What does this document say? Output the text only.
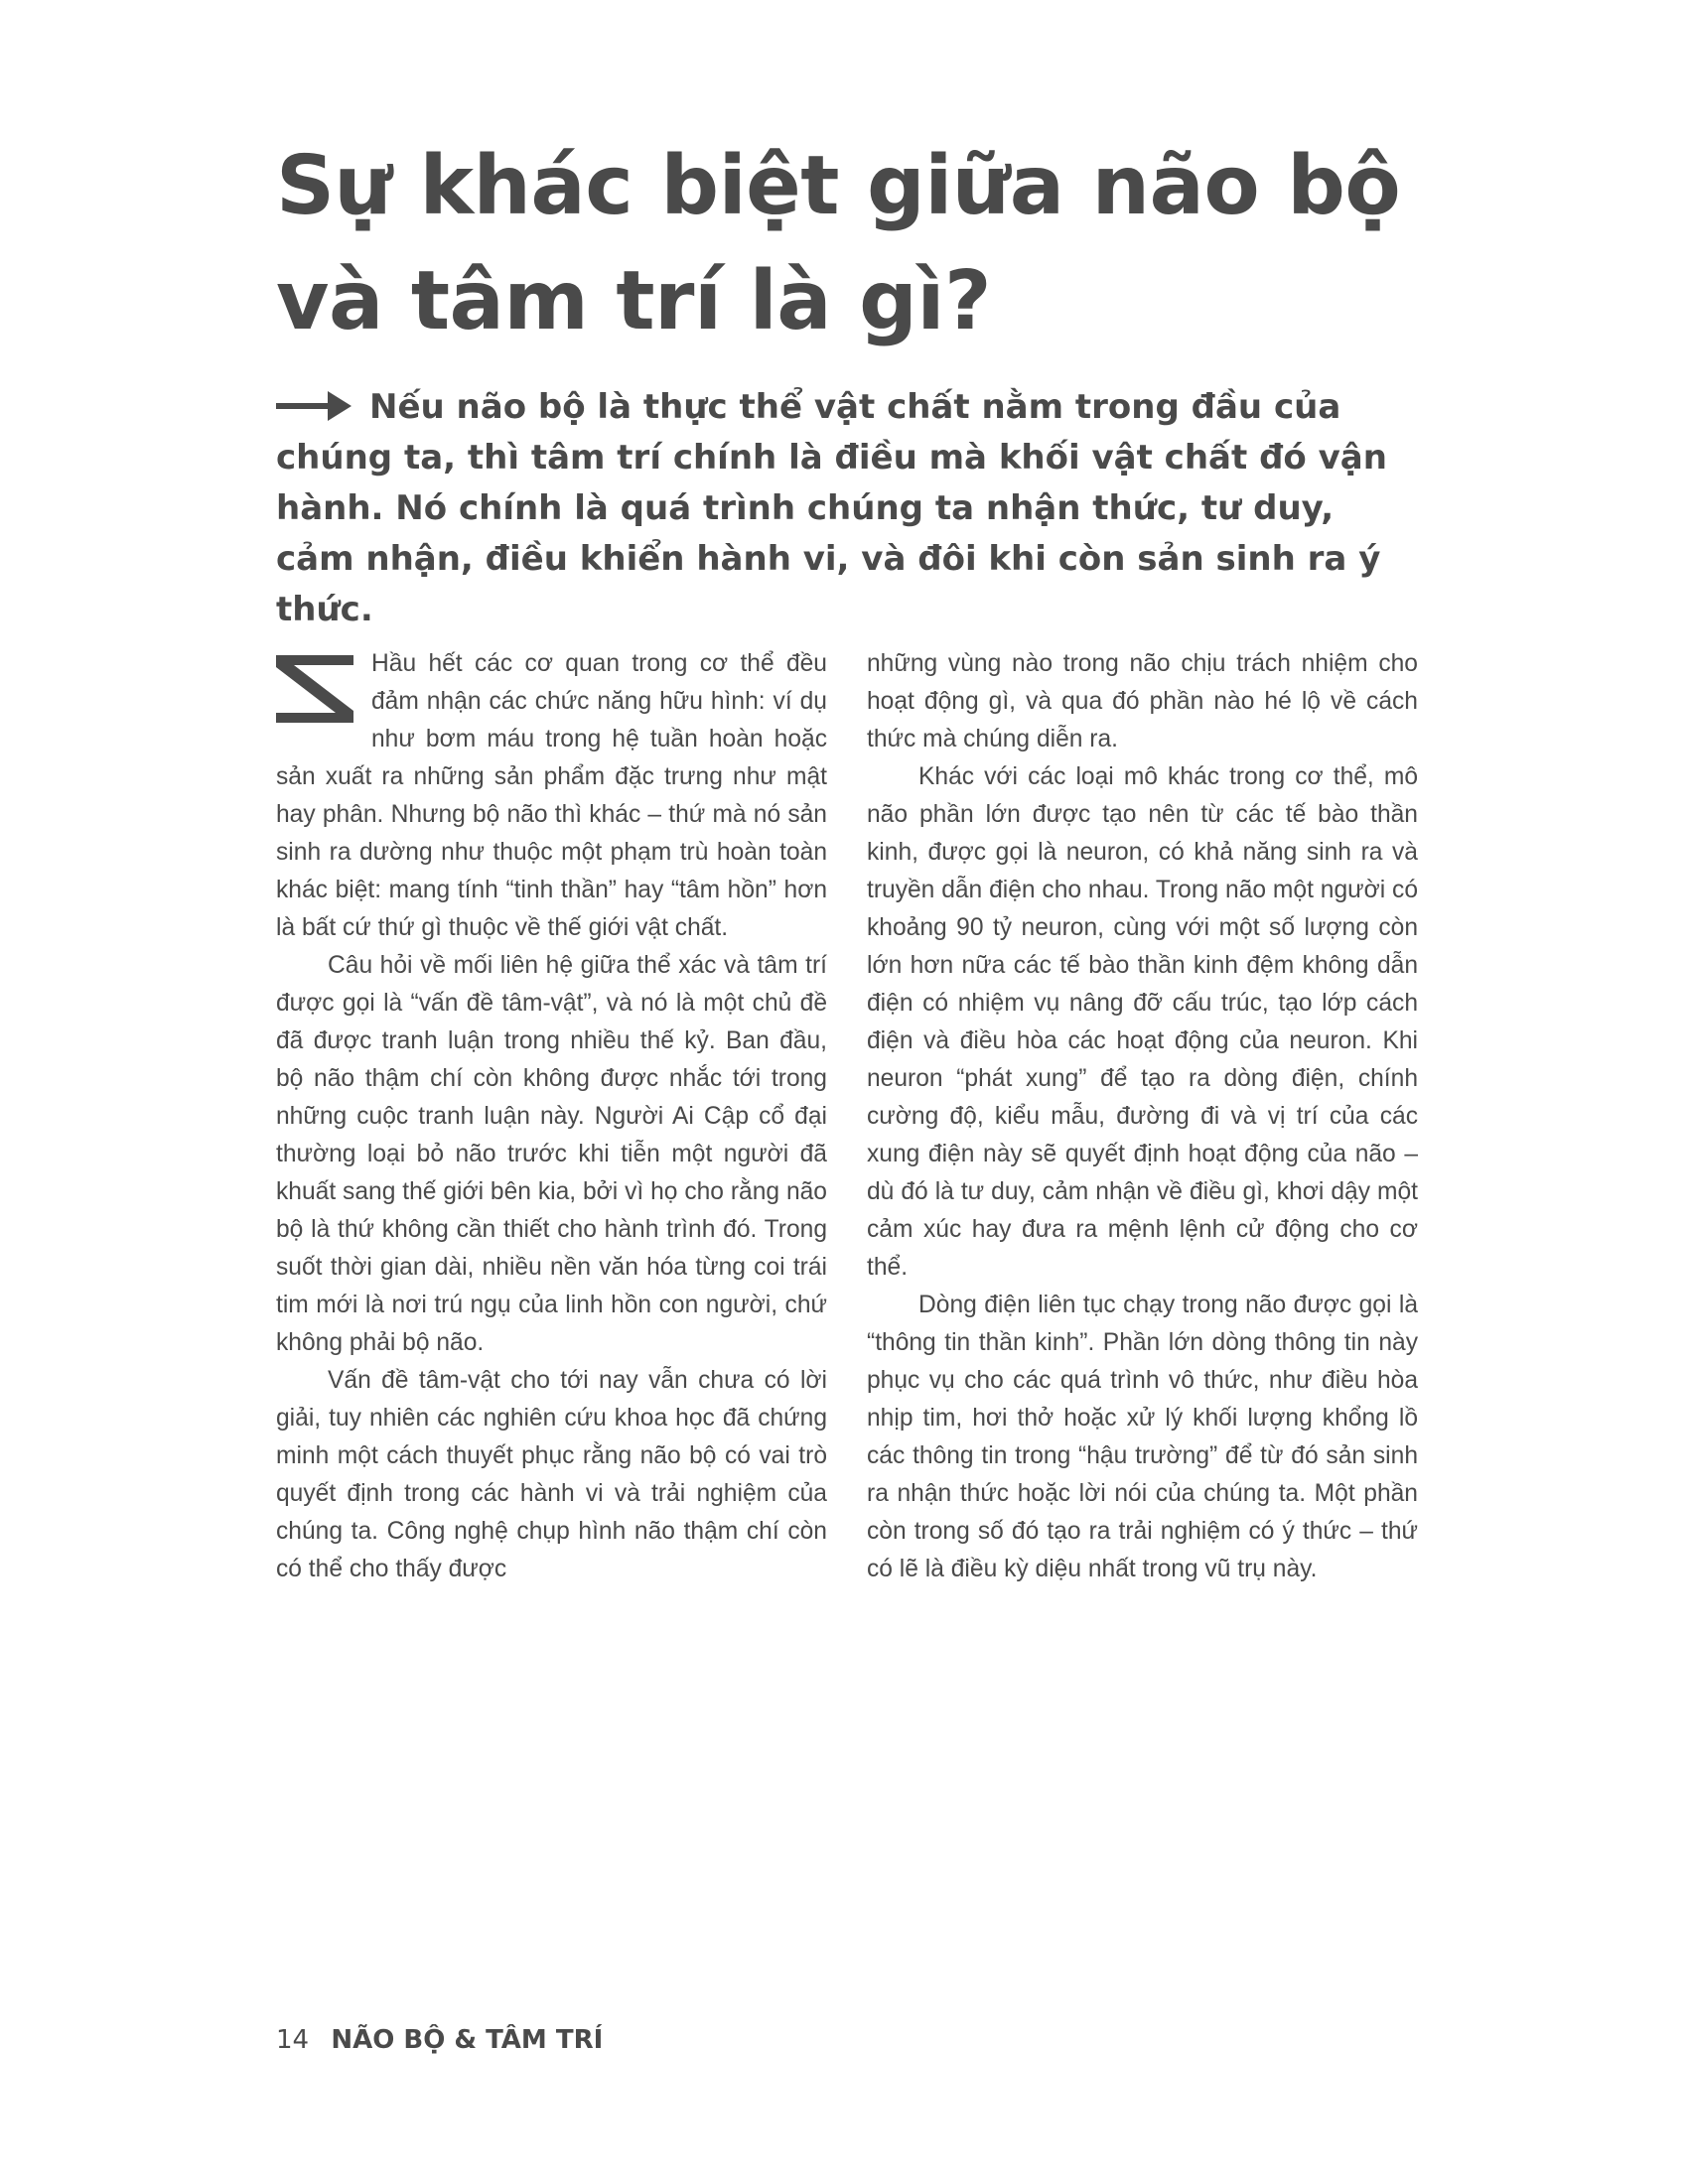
Sự khác biệt giữa não bộ và tâm trí là gì?
Nếu não bộ là thực thể vật chất nằm trong đầu của chúng ta, thì tâm trí chính là điều mà khối vật chất đó vận hành. Nó chính là quá trình chúng ta nhận thức, tư duy, cảm nhận, điều khiển hành vi, và đôi khi còn sản sinh ra ý thức.

Hầu hết các cơ quan trong cơ thể đều đảm nhận các chức năng hữu hình: ví dụ như bơm máu trong hệ tuần hoàn hoặc sản xuất ra những sản phẩm đặc trưng như mật hay phân. Nhưng bộ não thì khác – thứ mà nó sản sinh ra dường như thuộc một phạm trù hoàn toàn khác biệt: mang tính “tinh thần” hay “tâm hồn” hơn là bất cứ thứ gì thuộc về thế giới vật chất.

Câu hỏi về mối liên hệ giữa thể xác và tâm trí được gọi là “vấn đề tâm-vật”, và nó là một chủ đề đã được tranh luận trong nhiều thế kỷ. Ban đầu, bộ não thậm chí còn không được nhắc tới trong những cuộc tranh luận này. Người Ai Cập cổ đại thường loại bỏ não trước khi tiễn một người đã khuất sang thế giới bên kia, bởi vì họ cho rằng não bộ là thứ không cần thiết cho hành trình đó. Trong suốt thời gian dài, nhiều nền văn hóa từng coi trái tim mới là nơi trú ngụ của linh hồn con người, chứ không phải bộ não.

Vấn đề tâm-vật cho tới nay vẫn chưa có lời giải, tuy nhiên các nghiên cứu khoa học đã chứng minh một cách thuyết phục rằng não bộ có vai trò quyết định trong các hành vi và trải nghiệm của chúng ta. Công nghệ chụp hình não thậm chí còn có thể cho thấy được

những vùng nào trong não chịu trách nhiệm cho hoạt động gì, và qua đó phần nào hé lộ về cách thức mà chúng diễn ra.

Khác với các loại mô khác trong cơ thể, mô não phần lớn được tạo nên từ các tế bào thần kinh, được gọi là neuron, có khả năng sinh ra và truyền dẫn điện cho nhau. Trong não một người có khoảng 90 tỷ neuron, cùng với một số lượng còn lớn hơn nữa các tế bào thần kinh đệm không dẫn điện có nhiệm vụ nâng đỡ cấu trúc, tạo lớp cách điện và điều hòa các hoạt động của neuron. Khi neuron “phát xung” để tạo ra dòng điện, chính cường độ, kiểu mẫu, đường đi và vị trí của các xung điện này sẽ quyết định hoạt động của não – dù đó là tư duy, cảm nhận về điều gì, khơi dậy một cảm xúc hay đưa ra mệnh lệnh cử động cho cơ thể.

Dòng điện liên tục chạy trong não được gọi là “thông tin thần kinh”. Phần lớn dòng thông tin này phục vụ cho các quá trình vô thức, như điều hòa nhịp tim, hơi thở hoặc xử lý khối lượng khổng lồ các thông tin trong “hậu trường” để từ đó sản sinh ra nhận thức hoặc lời nói của chúng ta. Một phần còn trong số đó tạo ra trải nghiệm có ý thức – thứ có lẽ là điều kỳ diệu nhất trong vũ trụ này.

14 NÃO BỘ & TÂM TRÍ
